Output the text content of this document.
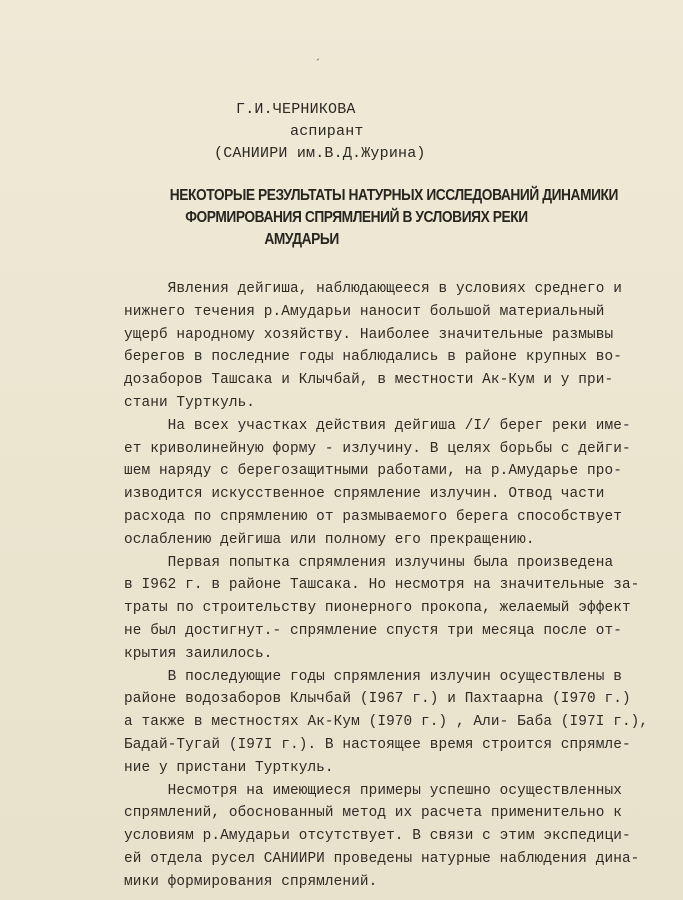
´
Г.И.ЧЕРНИКОВА
аспирант
(САНИИРИ им.В.Д.Журина)
НЕКОТОРЫЕ РЕЗУЛЬТАТЫ НАТУРНЫХ ИССЛЕДОВАНИЙ ДИНАМИКИ
ФОРМИРОВАНИЯ СПРЯМЛЕНИЙ В УСЛОВИЯХ РЕКИ
АМУДАРЬИ
Явления дейгиша, наблюдающееся в условиях среднего и
нижнего течения р.Амударьи наносит большой материальный
ущерб народному хозяйству. Наиболее значительные размывы
берегов в последние годы наблюдались в районе крупных во-
дозаборов Ташсака и Клычбай, в местности Ак-Кум и у при-
стани Турткуль.
На всех участках действия дейгиша /I/ берег реки име-
ет криволинейную форму - излучину. В целях борьбы с дейги-
шем наряду с берегозащитными работами, на р.Амударье про-
изводится искусственное спрямление излучин. Отвод части
расхода по спрямлению от размываемого берега способствует
ослаблению дейгиша или полному его прекращению.
Первая попытка спрямления излучины была произведена
в I962 г. в районе Ташсака. Но несмотря на значительные за-
траты по строительству пионерного прокопа, желаемый эффект
не был достигнут.- спрямление спустя три месяца после от-
крытия заилилось.
В последующие годы спрямления излучин осуществлены в
районе водозаборов Клычбай (I967 г.) и Пахтаарна (I970 г.)
а также в местностях Ак-Кум (I970 г.) , Али- Баба (I97I г.),
Бадай-Тугай (I97I г.). В настоящее время строится спрямле-
ние у пристани Турткуль.
Несмотря на имеющиеся примеры успешно осуществленных
спрямлений, обоснованный метод их расчета применительно к
условиям р.Амударьи отсутствует. В связи с этим экспедици-
ей отдела русел САНИИРИ проведены натурные наблюдения дина-
мики формирования спрямлений.
